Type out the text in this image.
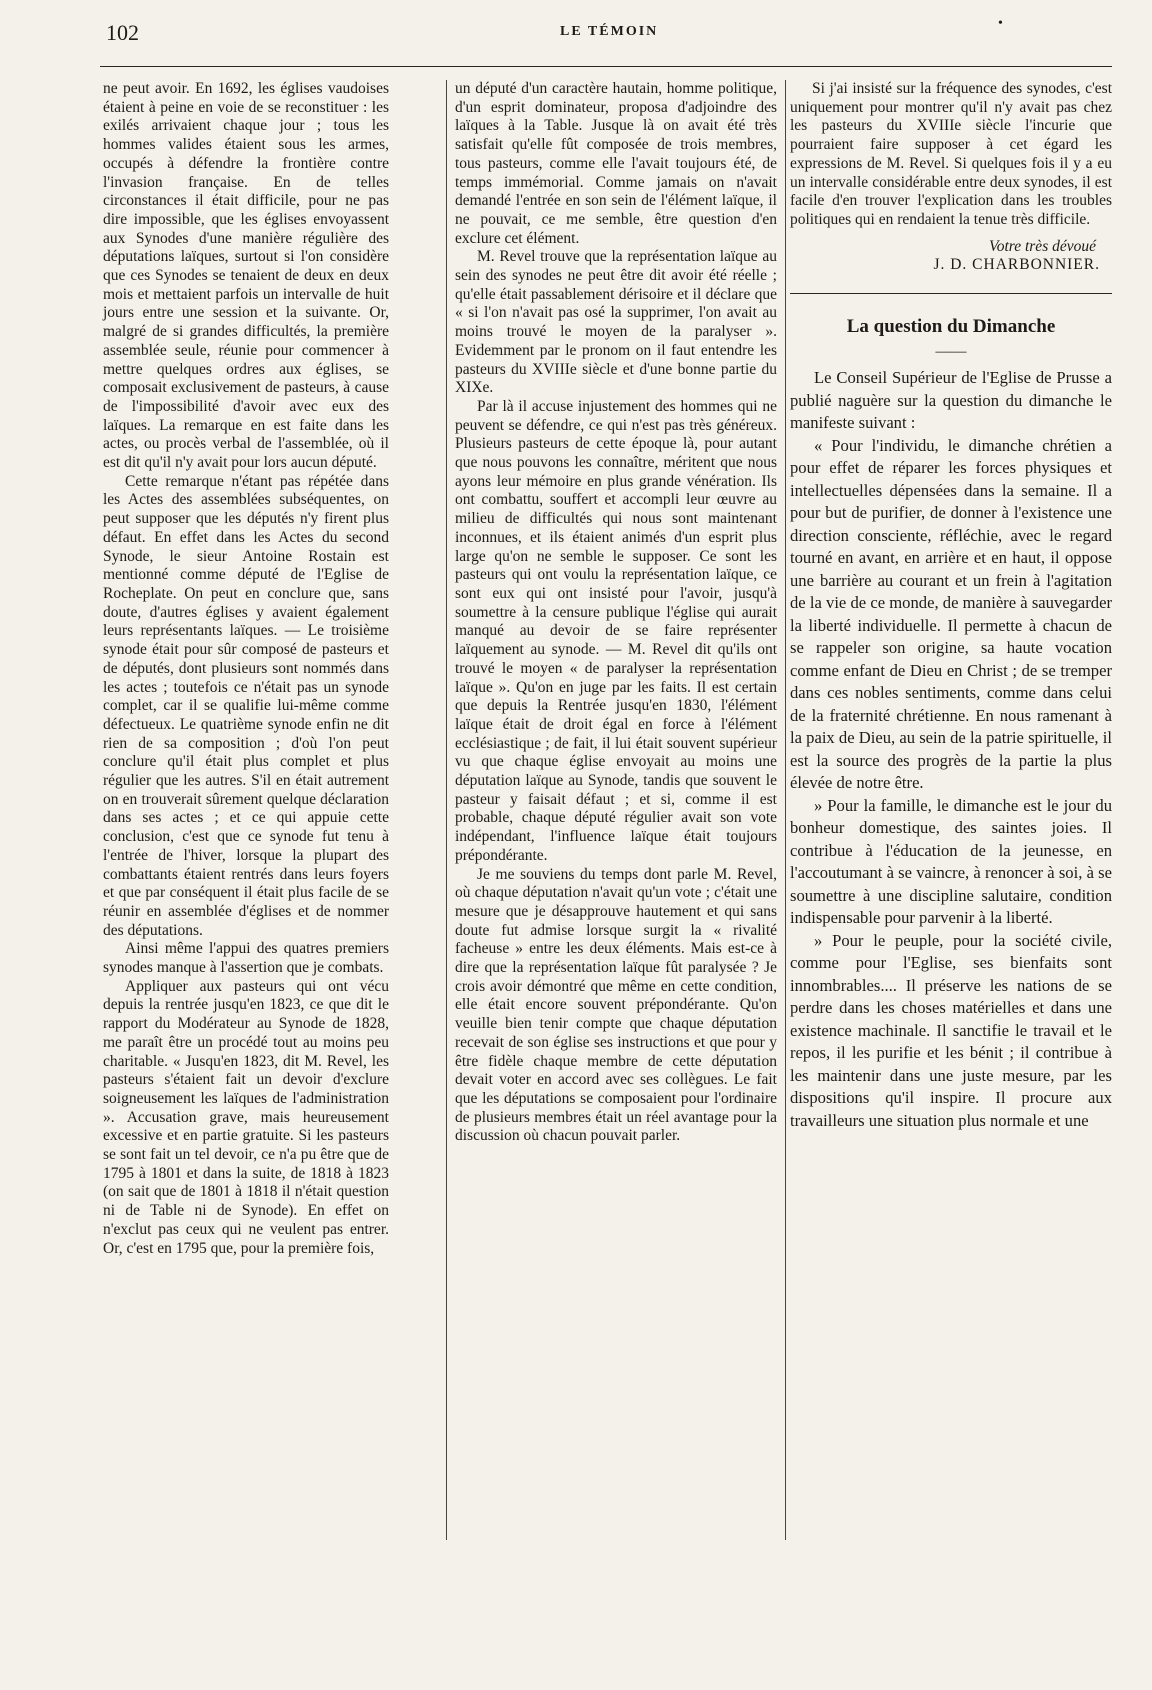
102	LE TÉMOIN
•

ne peut avoir. En 1692, les églises vaudoises étaient à peine en voie de se reconstituer : les exilés arrivaient chaque jour ; tous les hommes valides étaient sous les armes, occupés à défendre la frontière contre l'invasion française. En de telles circonstances il était difficile, pour ne pas dire impossible, que les églises envoyassent aux Synodes d'une manière régulière des députations laïques, surtout si l'on considère que ces Synodes se tenaient de deux en deux mois et mettaient parfois un intervalle de huit jours entre une session et la suivante. Or, malgré de si grandes difficultés, la première assemblée seule, réunie pour commencer à mettre quelques ordres aux églises, se composait exclusivement de pasteurs, à cause de l'impossibilité d'avoir avec eux des laïques. La remarque en est faite dans les actes, ou procès verbal de l'assemblée, où il est dit qu'il n'y avait pour lors aucun député.

Cette remarque n'étant pas répétée dans les Actes des assemblées subséquentes, on peut supposer que les députés n'y firent plus défaut. En effet dans les Actes du second Synode, le sieur Antoine Rostain est mentionné comme député de l'Eglise de Rocheplate. On peut en conclure que, sans doute, d'autres églises y avaient également leurs représentants laïques. — Le troisième synode était pour sûr composé de pasteurs et de députés, dont plusieurs sont nommés dans les actes ; toutefois ce n'était pas un synode complet, car il se qualifie lui-même comme défectueux. Le quatrième synode enfin ne dit rien de sa composition ; d'où l'on peut conclure qu'il était plus complet et plus régulier que les autres. S'il en était autrement on en trouverait sûrement quelque déclaration dans ses actes ; et ce qui appuie cette conclusion, c'est que ce synode fut tenu à l'entrée de l'hiver, lorsque la plupart des combattants étaient rentrés dans leurs foyers et que par conséquent il était plus facile de se réunir en assemblée d'églises et de nommer des députations.

Ainsi même l'appui des quatres premiers synodes manque à l'assertion que je combats.

Appliquer aux pasteurs qui ont vécu depuis la rentrée jusqu'en 1823, ce que dit le rapport du Modérateur au Synode de 1828, me paraît être un procédé tout au moins peu charitable. « Jusqu'en 1823, dit M. Revel, les pasteurs s'étaient fait un devoir d'exclure soigneusement les laïques de l'administration ». Accusation grave, mais heureusement excessive et en partie gratuite. Si les pasteurs se sont fait un tel devoir, ce n'a pu être que de 1795 à 1801 et dans la suite, de 1818 à 1823 (on sait que de 1801 à 1818 il n'était question ni de Table ni de Synode). En effet on n'exclut pas ceux qui ne veulent pas entrer. Or, c'est en 1795 que, pour la première fois,

un député d'un caractère hautain, homme politique, d'un esprit dominateur, proposa d'adjoindre des laïques à la Table. Jusque là on avait été très satisfait qu'elle fût composée de trois membres, tous pasteurs, comme elle l'avait toujours été, de temps immémorial. Comme jamais on n'avait demandé l'entrée en son sein de l'élément laïque, il ne pouvait, ce me semble, être question d'en exclure cet élément.

M. Revel trouve que la représentation laïque au sein des synodes ne peut être dit avoir été réelle ; qu'elle était passablement dérisoire et il déclare que « si l'on n'avait pas osé la supprimer, l'on avait au moins trouvé le moyen de la paralyser ». Evidemment par le pronom on il faut entendre les pasteurs du XVIIIe siècle et d'une bonne partie du XIXe.

Par là il accuse injustement des hommes qui ne peuvent se défendre, ce qui n'est pas très généreux. Plusieurs pasteurs de cette époque là, pour autant que nous pouvons les connaître, méritent que nous ayons leur mémoire en plus grande vénération. Ils ont combattu, souffert et accompli leur œuvre au milieu de difficultés qui nous sont maintenant inconnues, et ils étaient animés d'un esprit plus large qu'on ne semble le supposer. Ce sont les pasteurs qui ont voulu la représentation laïque, ce sont eux qui ont insisté pour l'avoir, jusqu'à soumettre à la censure publique l'église qui aurait manqué au devoir de se faire représenter laïquement au synode. — M. Revel dit qu'ils ont trouvé le moyen « de paralyser la représentation laïque ». Qu'on en juge par les faits. Il est certain que depuis la Rentrée jusqu'en 1830, l'élément laïque était de droit égal en force à l'élément ecclésiastique ; de fait, il lui était souvent supérieur vu que chaque église envoyait au moins une députation laïque au Synode, tandis que souvent le pasteur y faisait défaut ; et si, comme il est probable, chaque député régulier avait son vote indépendant, l'influence laïque était toujours prépondérante.

Je me souviens du temps dont parle M. Revel, où chaque députation n'avait qu'un vote ; c'était une mesure que je désapprouve hautement et qui sans doute fut admise lorsque surgit la « rivalité facheuse » entre les deux éléments. Mais est-ce à dire que la représentation laïque fût paralysée ? Je crois avoir démontré que même en cette condition, elle était encore souvent prépondérante. Qu'on veuille bien tenir compte que chaque députation recevait de son église ses instructions et que pour y être fidèle chaque membre de cette députation devait voter en accord avec ses collègues. Le fait que les députations se composaient pour l'ordinaire de plusieurs membres était un réel avantage pour la discussion où chacun pouvait parler.

Si j'ai insisté sur la fréquence des synodes, c'est uniquement pour montrer qu'il n'y avait pas chez les pasteurs du XVIIIe siècle l'incurie que pourraient faire supposer à cet égard les expressions de M. Revel. Si quelques fois il y a eu un intervalle considérable entre deux synodes, il est facile d'en trouver l'explication dans les troubles politiques qui en rendaient la tenue très difficile.

Votre très dévoué
J. D. CHARBONNIER.
La question du Dimanche
——

Le Conseil Supérieur de l'Eglise de Prusse a publié naguère sur la question du dimanche le manifeste suivant :

« Pour l'individu, le dimanche chrétien a pour effet de réparer les forces physiques et intellectuelles dépensées dans la semaine. Il a pour but de purifier, de donner à l'existence une direction consciente, réfléchie, avec le regard tourné en avant, en arrière et en haut, il oppose une barrière au courant et un frein à l'agitation de la vie de ce monde, de manière à sauvegarder la liberté individuelle. Il permette à chacun de se rappeler son origine, sa haute vocation comme enfant de Dieu en Christ ; de se tremper dans ces nobles sentiments, comme dans celui de la fraternité chrétienne. En nous ramenant à la paix de Dieu, au sein de la patrie spirituelle, il est la source des progrès de la partie la plus élevée de notre être.

» Pour la famille, le dimanche est le jour du bonheur domestique, des saintes joies. Il contribue à l'éducation de la jeunesse, en l'accoutumant à se vaincre, à renoncer à soi, à se soumettre à une discipline salutaire, condition indispensable pour parvenir à la liberté.

» Pour le peuple, pour la société civile, comme pour l'Eglise, ses bienfaits sont innombrables.... Il préserve les nations de se perdre dans les choses matérielles et dans une existence machinale. Il sanctifie le travail et le repos, il les purifie et les bénit ; il contribue à les maintenir dans une juste mesure, par les dispositions qu'il inspire. Il procure aux travailleurs une situation plus normale et une
